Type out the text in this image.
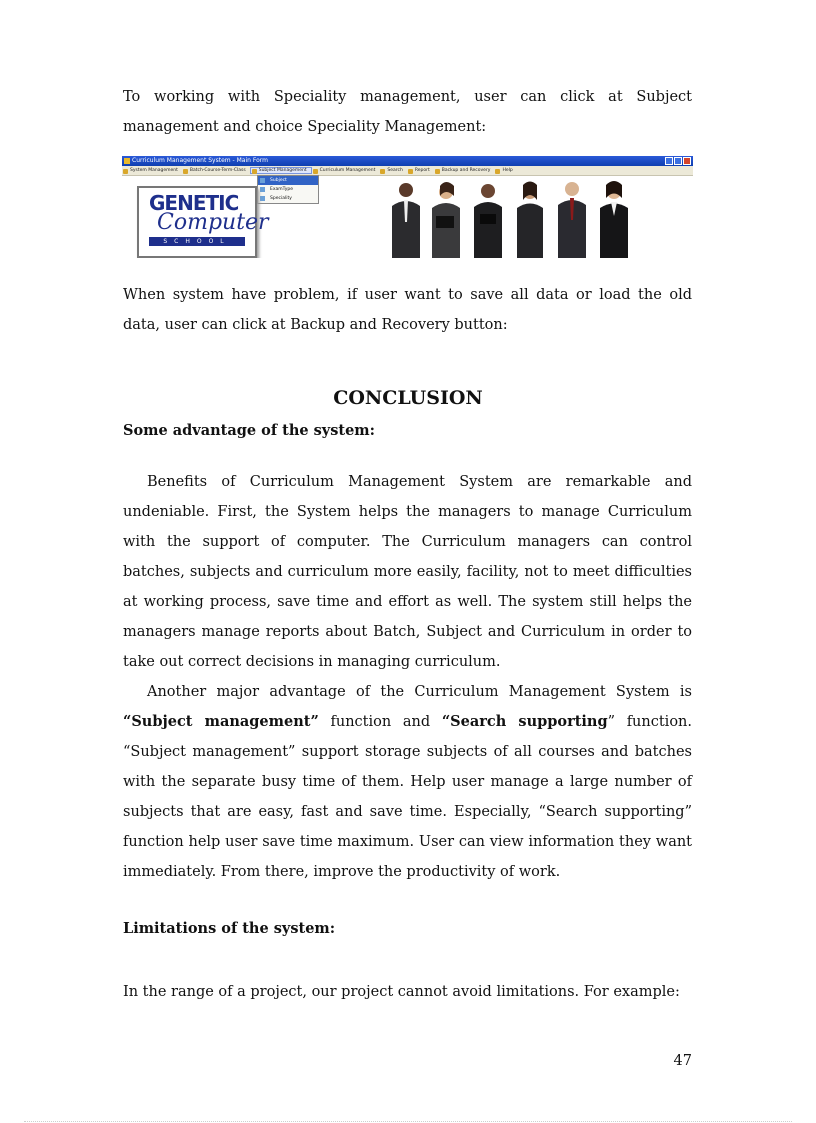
To working with Speciality management, user can click at Subject management and choice Speciality Management:

Curriculum Management System - Main Form
System Management	Batch-Course-Term-Class	Subject Management	Curriculum Management	Search	Report	Backup and Recovery	Help
Subject
ExamType
Speciality
GENETIC
Computer
SCHOOL

When system have problem, if user want to save all data or load the old data, user can click at Backup and Recovery button:

CONCLUSION
Some advantage of the system:

Benefits of Curriculum Management System are remarkable and undeniable. First, the System helps the managers to manage Curriculum with the support of computer. The Curriculum managers can control batches, subjects and curriculum more easily, facility, not to meet difficulties at working process, save time and effort as well. The system still helps the managers manage reports about Batch, Subject and Curriculum in order to take out correct decisions in managing curriculum.

Another major advantage of the Curriculum Management System is “Subject management” function and “Search supporting” function. “Subject management” support storage subjects of all courses and batches with the separate busy time of them. Help user manage a large number of subjects that are easy, fast and save time. Especially, “Search supporting” function help user save time maximum. User can view information they want immediately. From there, improve the productivity of work.

Limitations of the system:

In the range of a project, our project cannot avoid limitations. For example:

47
